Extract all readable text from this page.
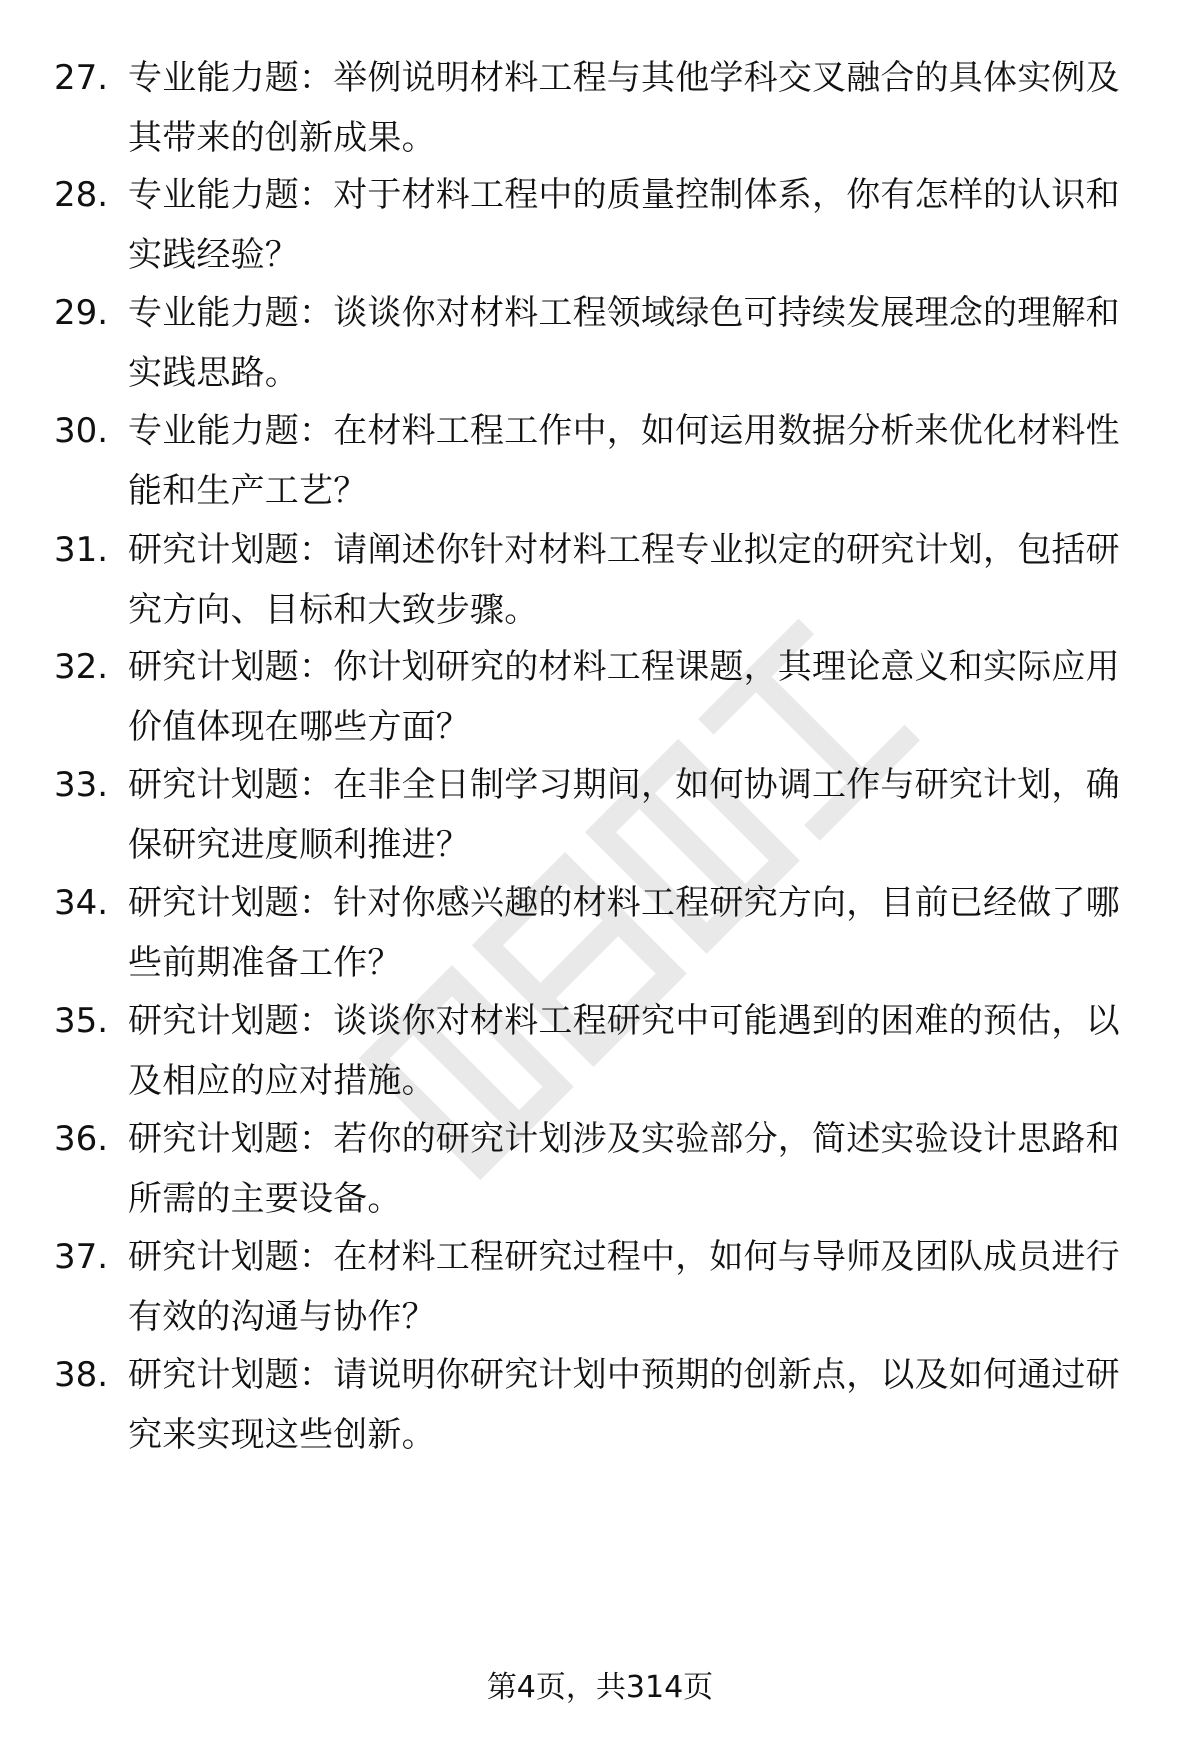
27. 专业能力题：举例说明材料工程与其他学科交叉融合的具体实例及其带来的创新成果。
28. 专业能力题：对于材料工程中的质量控制体系，你有怎样的认识和实践经验？
29. 专业能力题：谈谈你对材料工程领域绿色可持续发展理念的理解和实践思路。
30. 专业能力题：在材料工程工作中，如何运用数据分析来优化材料性能和生产工艺？
31. 研究计划题：请阐述你针对材料工程专业拟定的研究计划，包括研究方向、目标和大致步骤。
32. 研究计划题：你计划研究的材料工程课题，其理论意义和实际应用价值体现在哪些方面？
33. 研究计划题：在非全日制学习期间，如何协调工作与研究计划，确保研究进度顺利推进？
34. 研究计划题：针对你感兴趣的材料工程研究方向，目前已经做了哪些前期准备工作？
35. 研究计划题：谈谈你对材料工程研究中可能遇到的困难的预估，以及相应的应对措施。
36. 研究计划题：若你的研究计划涉及实验部分，简述实验设计思路和所需的主要设备。
37. 研究计划题：在材料工程研究过程中，如何与导师及团队成员进行有效的沟通与协作？
38. 研究计划题：请说明你研究计划中预期的创新点，以及如何通过研究来实现这些创新。
第4页，共314页
